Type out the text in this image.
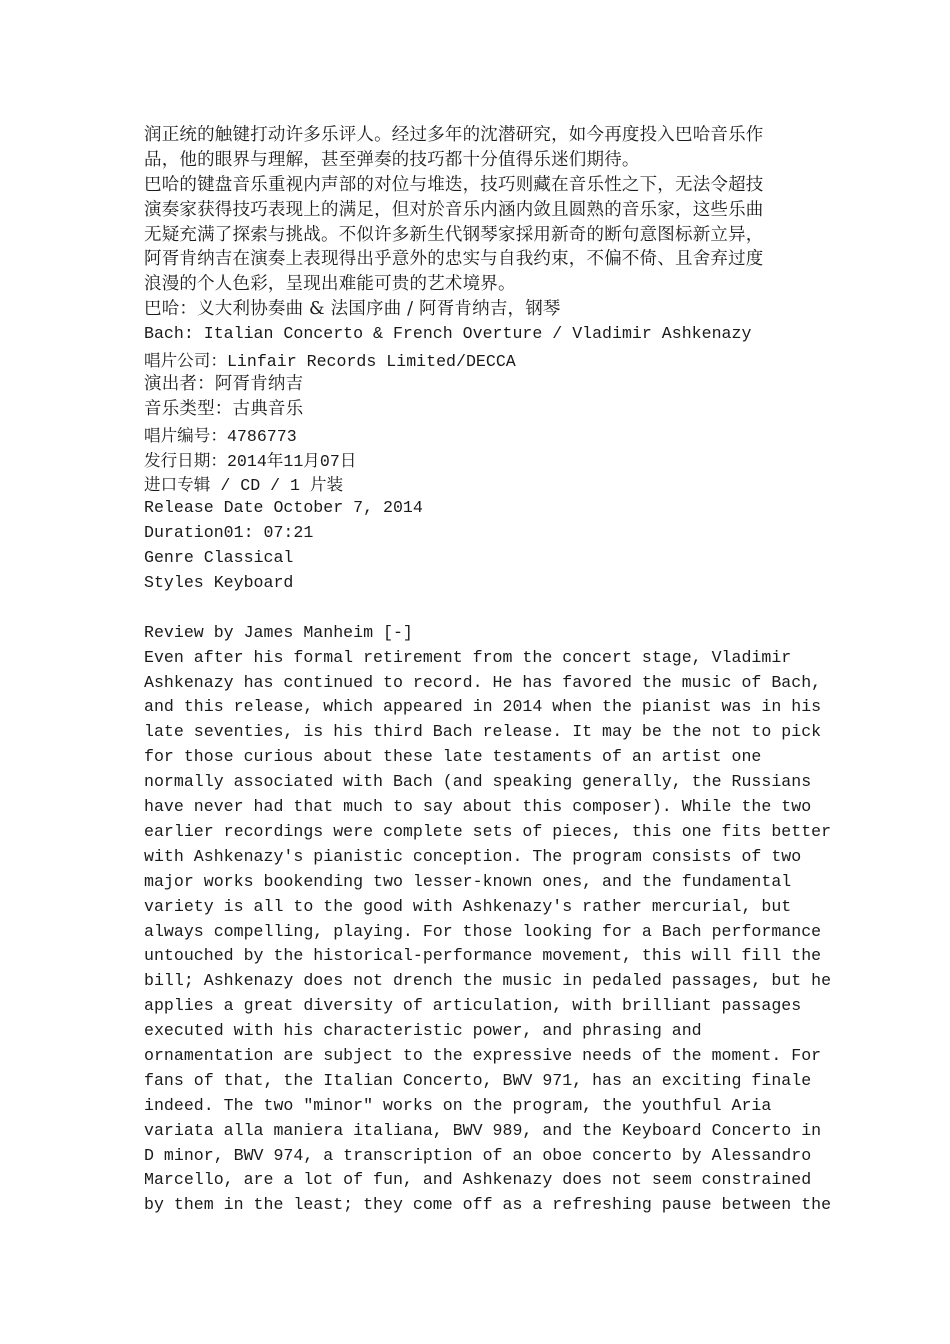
润正统的触键打动许多乐评人。经过多年的沈潜研究，如今再度投入巴哈音乐作
品，他的眼界与理解，甚至弹奏的技巧都十分值得乐迷们期待。
巴哈的键盘音乐重视内声部的对位与堆迭，技巧则藏在音乐性之下，无法令超技
演奏家获得技巧表现上的满足，但对於音乐内涵内敛且圆熟的音乐家，这些乐曲
无疑充满了探索与挑战。不似许多新生代钢琴家採用新奇的断句意图标新立异，
阿胥肯纳吉在演奏上表现得出乎意外的忠实与自我约束，不偏不倚、且舍弃过度
浪漫的个人色彩，呈现出难能可贵的艺术境界。
巴哈：义大利协奏曲 & 法国序曲 / 阿胥肯纳吉，钢琴
Bach: Italian Concerto & French Overture / Vladimir Ashkenazy
唱片公司：Linfair Records Limited/DECCA
演出者：阿胥肯纳吉
音乐类型：古典音乐
唱片编号：4786773
发行日期：2014年11月07日
进口专辑 / CD / 1 片装
Release Date October 7, 2014
Duration01: 07:21
Genre Classical
Styles Keyboard
Review by James Manheim [-]
Even after his formal retirement from the concert stage, Vladimir
Ashkenazy has continued to record. He has favored the music of Bach,
and this release, which appeared in 2014 when the pianist was in his
late seventies, is his third Bach release. It may be the not to pick
for those curious about these late testaments of an artist one
normally associated with Bach (and speaking generally, the Russians
have never had that much to say about this composer). While the two
earlier recordings were complete sets of pieces, this one fits better
with Ashkenazy's pianistic conception. The program consists of two
major works bookending two lesser-known ones, and the fundamental
variety is all to the good with Ashkenazy's rather mercurial, but
always compelling, playing. For those looking for a Bach performance
untouched by the historical-performance movement, this will fill the
bill; Ashkenazy does not drench the music in pedaled passages, but he
applies a great diversity of articulation, with brilliant passages
executed with his characteristic power, and phrasing and
ornamentation are subject to the expressive needs of the moment. For
fans of that, the Italian Concerto, BWV 971, has an exciting finale
indeed. The two "minor" works on the program, the youthful Aria
variata alla maniera italiana, BWV 989, and the Keyboard Concerto in
D minor, BWV 974, a transcription of an oboe concerto by Alessandro
Marcello, are a lot of fun, and Ashkenazy does not seem constrained
by them in the least; they come off as a refreshing pause between the
